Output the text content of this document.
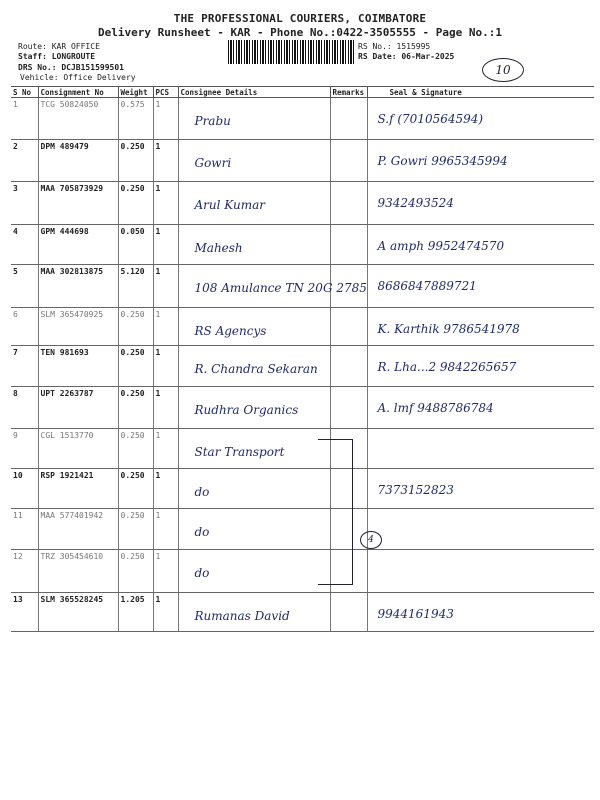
THE PROFESSIONAL COURIERS, COIMBATORE
Delivery Runsheet - KAR - Phone No.:0422-3505555 - Page No.:1
Route: KAR OFFICE
Staff: LONGROUTE
DRS No.: DCJB151599501
Vehicle: Office Delivery
RS No.: 1515995
RS Date: 06-Mar-2025
10
S No	Consignment No	Weight	PCS	Consignee Details	Remarks	Seal & Signature
1	TCG 50824050	0.575	1	Prabu		S.f (7010564594)
2	DPM 489479	0.250	1	Gowri		P. Gowri 9965345994
3	MAA 705873929	0.250	1	Arul Kumar		9342493524
4	GPM 444698	0.050	1	Mahesh		A amph 9952474570
5	MAA 302813875	5.120	1	108 Amulance TN 20G 2785		8686847889721
6	SLM 365470925	0.250	1	RS Agencys		K. Karthik 9786541978
7	TEN 981693	0.250	1	R. Chandra Sekaran		R. Lha...2 9842265657
8	UPT 2263787	0.250	1	Rudhra Organics		A. lmf 9488786784
9	CGL 1513770	0.250	1	Star Transport		
10	RSP 1921421	0.250	1	do		7373152823
11	MAA 577401942	0.250	1	do		
12	TRZ 305454610	0.250	1	do		
13	SLM 365528245	1.205	1	Rumanas David		9944161943
4
